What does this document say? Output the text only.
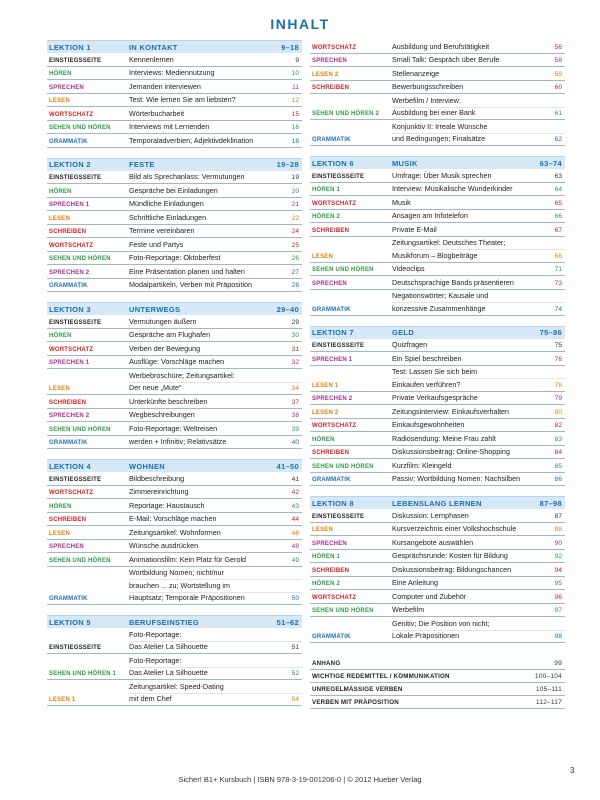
INHALT
LEKTION 1	IN KONTAKT	9–18
EINSTIEGSSEITE	Kennenlernen	9
HÖREN	Interviews: Mediennutzung	10
SPRECHEN	Jemanden interviewen	11
LESEN	Test: Wie lernen Sie am liebsten?	12
WORTSCHATZ	Wörterbucharbeit	15
SEHEN UND HÖREN	Interviews mit Lernenden	16
GRAMMATIK	Temporaladverbien; Adjektivdeklination	18
LEKTION 2	FESTE	19–28
EINSTIEGSSEITE	Bild als Sprechanlass: Vermutungen	19
HÖREN	Gespräche bei Einladungen	20
SPRECHEN 1	Mündliche Einladungen	21
LESEN	Schriftliche Einladungen	22
SCHREIBEN	Termine vereinbaren	24
WORTSCHATZ	Feste und Partys	25
SEHEN UND HÖREN	Foto-Reportage: Oktoberfest	26
SPRECHEN 2	Eine Präsentation planen und halten	27
GRAMMATIK	Modalpartikeln, Verben mit Präposition	28
LEKTION 3	UNTERWEGS	29–40
EINSTIEGSSEITE	Vermutungen äußern	29
HÖREN	Gespräche am Flughafen	30
WORTSCHATZ	Verben der Bewegung	31
SPRECHEN 1	Ausflüge: Vorschläge machen	32
LESEN
Werbebroschüre; Zeitungsartikel:
Der neue „Mute“	34
SCHREIBEN	Unterkünfte beschreiben	37
SPRECHEN 2	Wegbeschreibungen	38
SEHEN UND HÖREN	Foto-Reportage: Weltreisen	39
GRAMMATIK	werden + Infinitiv; Relativsätze	40
LEKTION 4	WOHNEN	41–50
EINSTIEGSSEITE	Bildbeschreibung	41
WORTSCHATZ	Zimmereinrichtung	42
HÖREN	Reportage: Haustausch	43
SCHREIBEN	E-Mail: Vorschläge machen	44
LESEN	Zeitungsartikel: Wohnformen	46
SPRECHEN	Wünsche ausdrücken	48
SEHEN UND HÖREN	Animationsfilm: Kein Platz für Gerold	49
GRAMMATIK
Wortbildung Nomen; nicht/nur
brauchen ... zu; Wortstellung im
Hauptsatz; Temporale Präpositionen	50
LEKTION 5	BERUFSEINSTIEG	51–62
EINSTIEGSSEITE
Foto-Reportage:
Das Atelier La Silhouette	51
SEHEN UND HÖREN 1
Foto-Reportage:
Das Atelier La Silhouette	52
LESEN 1
Zeitungsartikel: Speed-Dating
mit dem Chef	54
WORTSCHATZ	Ausbildung und Berufstätigkeit	56
SPRECHEN	Small Talk: Gespräch über Berufe	58
LESEN 2	Stellenanzeige	59
SCHREIBEN	Bewerbungsschreiben	60
SEHEN UND HÖREN 2
Werbefilm / Interview:
Ausbildung bei einer Bank	61
GRAMMATIK
Konjunktiv II: Irreale Wünsche
und Bedingungen; Finalsätze	62
LEKTION 6	MUSIK	63–74
EINSTIEGSSEITE	Umfrage: Über Musik sprechen	63
HÖREN 1	Interview: Musikalische Wunderkinder	64
WORTSCHATZ	Musik	65
HÖREN 2	Ansagen am Infotelefon	66
SCHREIBEN	Private E-Mail	67
LESEN
Zeitungsartikel: Deutsches Theater;
Musikforum – Blogbeiträge	68
SEHEN UND HÖREN	Videoclips	71
SPRECHEN	Deutschsprachige Bands präsentieren	73
GRAMMATIK
Negationswörter; Kausale und
konzessive Zusammenhänge	74
LEKTION 7	GELD	75–86
EINSTIEGSSEITE	Quizfragen	75
SPRECHEN 1	Ein Spiel beschreiben	76
LESEN 1
Test: Lassen Sie sich beim
Einkaufen verführen?	78
SPRECHEN 2	Private Verkaufsgespräche	79
LESEN 2	Zeitungsinterview: Einkaufsverhalten	80
WORTSCHATZ	Einkaufsgewohnheiten	82
HÖREN	Radiosendung: Meine Frau zahlt	83
SCHREIBEN	Diskussionsbeitrag: Online-Shopping	84
SEHEN UND HÖREN	Kurzfilm: Kleingeld	85
GRAMMATIK	Passiv; Wortbildung Nomen: Nachsilben	86
LEKTION 8	LEBENSLANG LERNEN	87–98
EINSTIEGSSEITE	Diskussion: Lernphasen	87
LESEN	Kursverzeichnis einer Volkshochschule	88
SPRECHEN	Kursangebote auswählen	90
HÖREN 1	Gesprächsrunde: Kosten für Bildung	92
SCHREIBEN	Diskussionsbeitrag: Bildungschancen	94
HÖREN 2	Eine Anleitung	95
WORTSCHATZ	Computer und Zubehör	96
SEHEN UND HÖREN	Werbefilm	97
GRAMMATIK
Genitiv; Die Position von nicht;
Lokale Präpositionen	98
ANHANG	99
WICHTIGE REDEMITTEL / KOMMUNIKATION	100–104
UNREGELMÄSSIGE VERBEN	105–111
VERBEN MIT PRÄPOSITION	112–117
Sicher! B1+ Kursbuch | ISBN 978-3-19-001206-0 | © 2012 Hueber Verlag
3
